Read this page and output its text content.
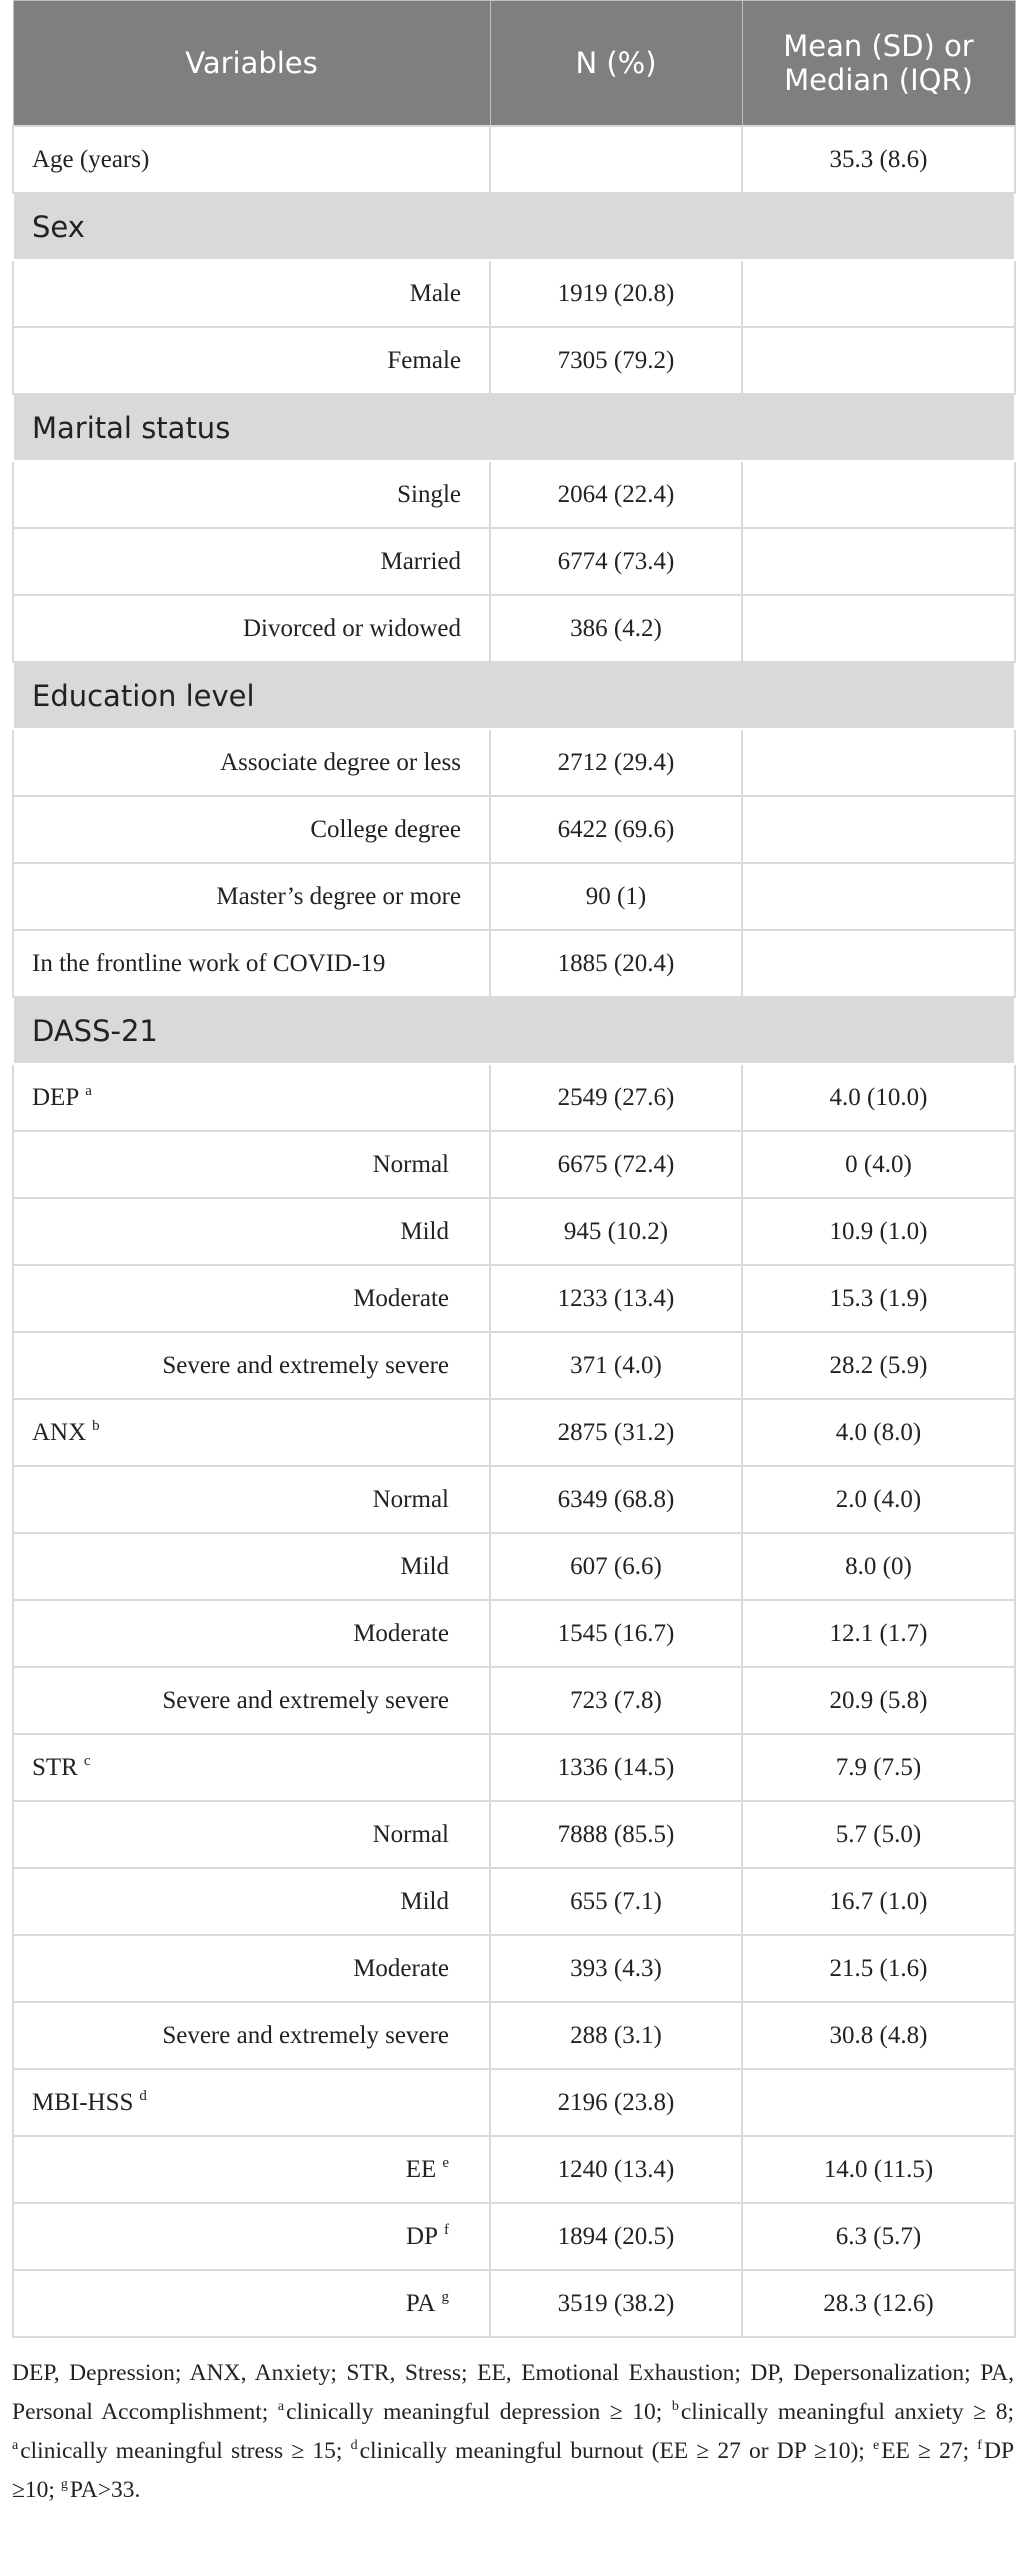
Variables	N (%)	Mean (SD) or Median (IQR)
Age (years)		35.3 (8.6)
Sex		
Male	1919 (20.8)	
Female	7305 (79.2)	
Marital status		
Single	2064 (22.4)	
Married	6774 (73.4)	
Divorced or widowed	386 (4.2)	
Education level		
Associate degree or less	2712 (29.4)	
College degree	6422 (69.6)	
Master’s degree or more	90 (1)	
In the frontline work of COVID-19	1885 (20.4)	
DASS-21		
DEP $^a$	2549 (27.6)	4.0 (10.0)
Normal	6675 (72.4)	0 (4.0)
Mild	945 (10.2)	10.9 (1.0)
Moderate	1233 (13.4)	15.3 (1.9)
Severe and extremely severe	371 (4.0)	28.2 (5.9)
ANX $^b$	2875 (31.2)	4.0 (8.0)
Normal	6349 (68.8)	2.0 (4.0)
Mild	607 (6.6)	8.0 (0)
Moderate	1545 (16.7)	12.1 (1.7)
Severe and extremely severe	723 (7.8)	20.9 (5.8)
STR $^c$	1336 (14.5)	7.9 (7.5)
Normal	7888 (85.5)	5.7 (5.0)
Mild	655 (7.1)	16.7 (1.0)
Moderate	393 (4.3)	21.5 (1.6)
Severe and extremely severe	288 (3.1)	30.8 (4.8)
MBI-HSS $^d$	2196 (23.8)	
EE $^e$	1240 (13.4)	14.0 (11.5)
DP $^f$	1894 (20.5)	6.3 (5.7)
PA $^g$	3519 (38.2)	28.3 (12.6)
DEP, Depression; ANX, Anxiety; STR, Stress; EE, Emotional Exhaustion; DP, Depersonalization; PA, Personal Accomplishment; $^a$clinically meaningful depression ≥ 10; $^b$clinically meaningful anxiety ≥ 8; $^a$clinically meaningful stress ≥ 15; $^d$clinically meaningful burnout (EE ≥ 27 or DP ≥10); $^e$EE ≥ 27; $^f$DP ≥10; $^g$PA>33.
